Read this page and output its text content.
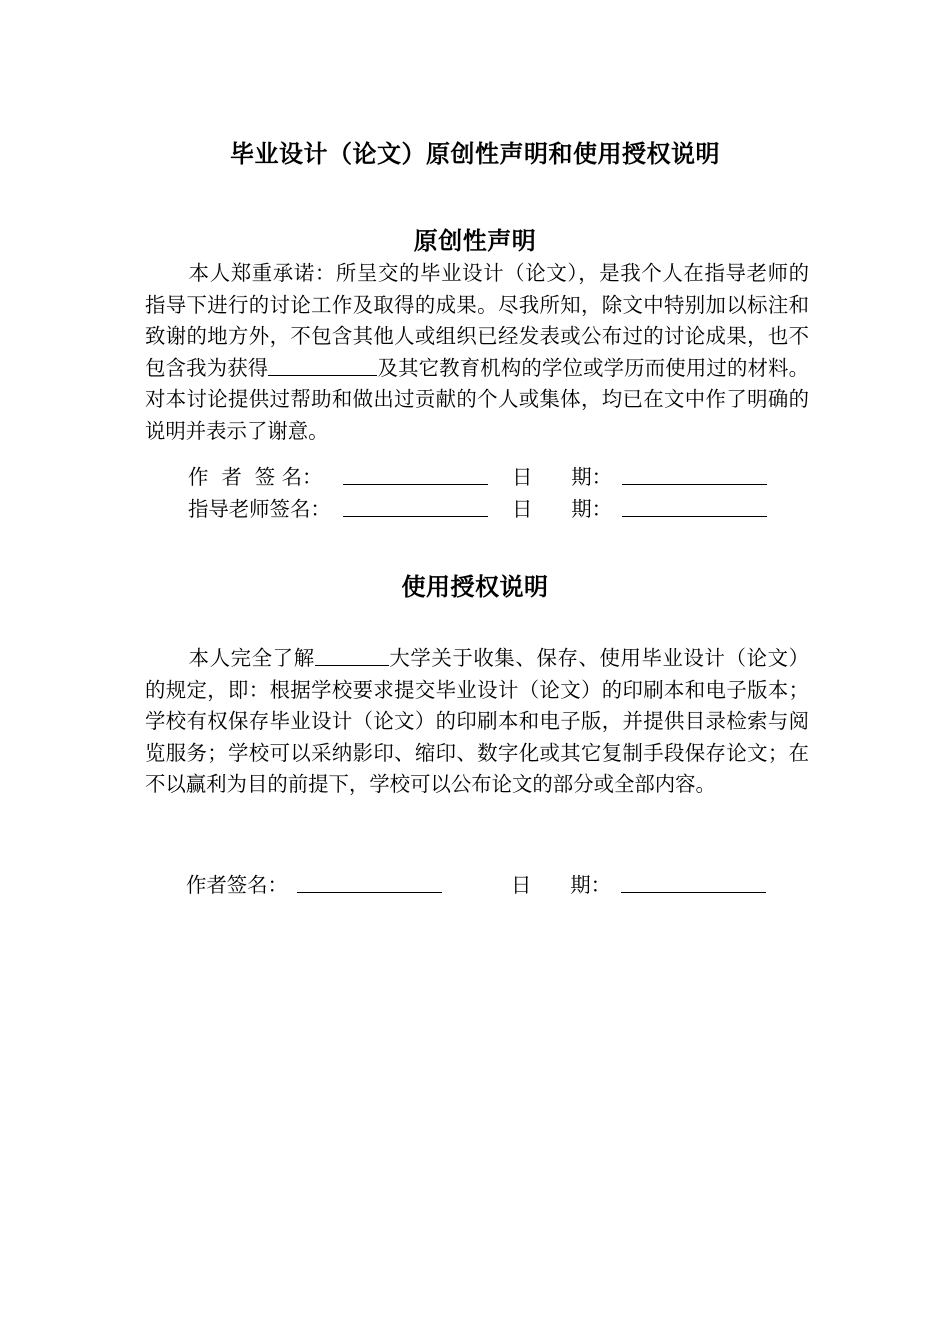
毕业设计（论文）原创性声明和使用授权说明
原创性声明
本人郑重承诺：所呈交的毕业设计（论文），是我个人在指导老师的指导下进行的讨论工作及取得的成果。尽我所知，除文中特别加以标注和致谢的地方外，不包含其他人或组织已经发表或公布过的讨论成果，也不包含我为获得	及其它教育机构的学位或学历而使用过的材料。对本讨论提供过帮助和做出过贡献的个人或集体，均已在文中作了明确的说明并表示了谢意。
作  者  签 名：	日      期：
指导老师签名：	日      期：
使用授权说明
本人完全了解	大学关于收集、保存、使用毕业设计（论文）的规定，即：根据学校要求提交毕业设计（论文）的印刷本和电子版本；学校有权保存毕业设计（论文）的印刷本和电子版，并提供目录检索与阅览服务；学校可以采纳影印、缩印、数字化或其它复制手段保存论文；在不以赢利为目的前提下，学校可以公布论文的部分或全部内容。
作者签名：	日      期：
